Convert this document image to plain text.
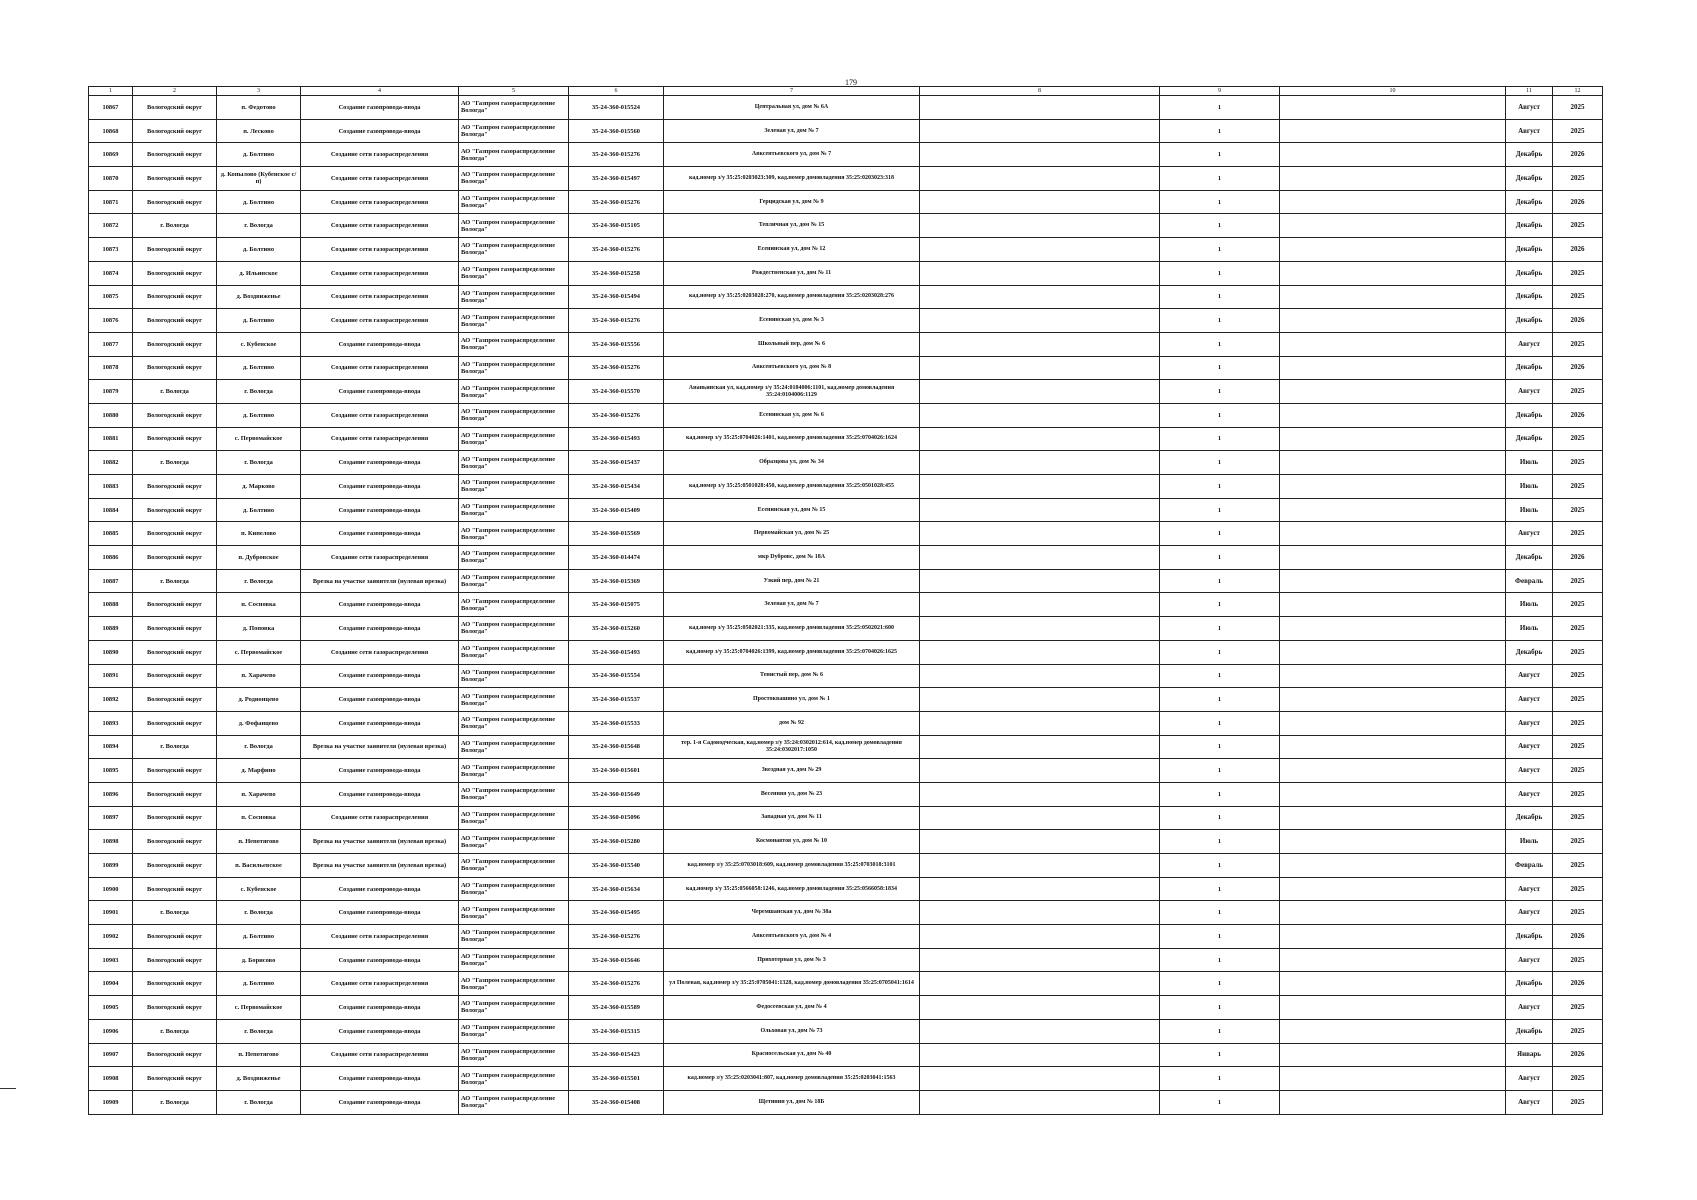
179
1	2	3	4	5	6	7	8	9	10	11	12
10867	Вологодский округ	п. Федотово	Создание газопровода-ввода	АО "Газпром газораспределение Вологда"	35-24-360-015524	Центральная ул, дом № 6А		1		Август	2025
10868	Вологодский округ	п. Лесково	Создание газопровода-ввода	АО "Газпром газораспределение Вологда"	35-24-360-015560	Зеленая ул, дом № 7		1		Август	2025
10869	Вологодский округ	д. Болтино	Создание сети газораспределения	АО "Газпром газораспределение Вологда"	35-24-360-015276	Авксентьевского ул, дом № 7		1		Декабрь	2026
10870	Вологодский округ	д. Копылово (Кубенское с/п)	Создание сети газораспределения	АО "Газпром газораспределение Вологда"	35-24-360-015497	кад.номер з/у 35:25:0203023:309, кад.номер домовладения 35:25:0203023:318		1		Декабрь	2025
10871	Вологодский округ	д. Болтино	Создание сети газораспределения	АО "Газпром газораспределение Вологда"	35-24-360-015276	Герцидская ул, дом № 9		1		Декабрь	2026
10872	г. Вологда	г. Вологда	Создание сети газораспределения	АО "Газпром газораспределение Вологда"	35-24-360-015105	Тепличная ул, дом № 15		1		Декабрь	2025
10873	Вологодский округ	д. Болтино	Создание сети газораспределения	АО "Газпром газораспределение Вологда"	35-24-360-015276	Есенинская ул, дом № 12		1		Декабрь	2026
10874	Вологодский округ	д. Ильинское	Создание сети газораспределения	АО "Газпром газораспределение Вологда"	35-24-360-015258	Рождественская ул, дом № 11		1		Декабрь	2025
10875	Вологодский округ	д. Воздвиженье	Создание сети газораспределения	АО "Газпром газораспределение Вологда"	35-24-360-015494	кад.номер з/у 35:25:0203028:270, кад.номер домовладения 35:25:0203028:276		1		Декабрь	2025
10876	Вологодский округ	д. Болтино	Создание сети газораспределения	АО "Газпром газораспределение Вологда"	35-24-360-015276	Есенинская ул, дом № 3		1		Декабрь	2026
10877	Вологодский округ	с. Кубенское	Создание газопровода-ввода	АО "Газпром газораспределение Вологда"	35-24-360-015556	Школьный пер, дом № 6		1		Август	2025
10878	Вологодский округ	д. Болтино	Создание сети газораспределения	АО "Газпром газораспределение Вологда"	35-24-360-015276	Авксентьевского ул, дом № 8		1		Декабрь	2026
10879	г. Вологда	г. Вологда	Создание газопровода-ввода	АО "Газпром газораспределение Вологда"	35-24-360-015570	Ананьинская ул, кад.номер з/у 35:24:0104006:1101, кад.номер домовладения 35:24:0104006:1129		1		Август	2025
10880	Вологодский округ	д. Болтино	Создание сети газораспределения	АО "Газпром газораспределение Вологда"	35-24-360-015276	Есенинская ул, дом № 6		1		Декабрь	2026
10881	Вологодский округ	с. Первомайское	Создание сети газораспределения	АО "Газпром газораспределение Вологда"	35-24-360-015493	кад.номер з/у 35:25:0704026:1401, кад.номер домовладения 35:25:0704026:1624		1		Декабрь	2025
10882	г. Вологда	г. Вологда	Создание газопровода-ввода	АО "Газпром газораспределение Вологда"	35-24-360-015437	Образцова ул, дом № 34		1		Июль	2025
10883	Вологодский округ	д. Марково	Создание газопровода-ввода	АО "Газпром газораспределение Вологда"	35-24-360-015434	кад.номер з/у 35:25:0501028:450, кад.номер домовладения 35:25:0501028:455		1		Июль	2025
10884	Вологодский округ	д. Болтино	Создание газопровода-ввода	АО "Газпром газораспределение Вологда"	35-24-360-015409	Есенинская ул, дом № 15		1		Июль	2025
10885	Вологодский округ	п. Кипелово	Создание газопровода-ввода	АО "Газпром газораспределение Вологда"	35-24-360-015569	Первомайская ул, дом № 25		1		Август	2025
10886	Вологодский округ	п. Дубровское	Создание сети газораспределения	АО "Газпром газораспределение Вологда"	35-24-360-014474	мкр Dубровс, дом № 18А		1		Декабрь	2026
10887	г. Вологда	г. Вологда	Врезка на участке заявителя (нулевая врезка)	АО "Газпром газораспределение Вологда"	35-24-360-015369	Узкий пер, дом № 21		1		Февраль	2025
10888	Вологодский округ	п. Сосновка	Создание газопровода-ввода	АО "Газпром газораспределение Вологда"	35-24-360-015075	Зеленая ул, дом № 7		1		Июль	2025
10889	Вологодский округ	д. Поповка	Создание газопровода-ввода	АО "Газпром газораспределение Вологда"	35-24-360-015260	кад.номер з/у 35:25:0502021:335, кад.номер домовладения 35:25:0502021:600		1		Июль	2025
10890	Вологодский округ	с. Первомайское	Создание сети газораспределения	АО "Газпром газораспределение Вологда"	35-24-360-015493	кад.номер з/у 35:25:0704026:1399, кад.номер домовладения 35:25:0704026:1625		1		Декабрь	2025
10891	Вологодский округ	п. Харачево	Создание газопровода-ввода	АО "Газпром газораспределение Вологда"	35-24-360-015554	Тенистый пер, дом № 6		1		Август	2025
10892	Вологодский округ	д. Родионцево	Создание газопровода-ввода	АО "Газпром газораспределение Вологда"	35-24-360-015537	Простоквашино ул, дом № 1		1		Август	2025
10893	Вологодский округ	д. Фофанцево	Создание газопровода-ввода	АО "Газпром газораспределение Вологда"	35-24-360-015533	дом № 92		1		Август	2025
10894	г. Вологда	г. Вологда	Врезка на участке заявителя (нулевая врезка)	АО "Газпром газораспределение Вологда"	35-24-360-015648	тер. 1-я Садоводческая, кад.номер з/у 35:24:0302012:614, кад.номер домовладения 35:24:0302017:1050		1		Август	2025
10895	Вологодский округ	д. Марфино	Создание газопровода-ввода	АО "Газпром газораспределение Вологда"	35-24-360-015601	Звездная ул, дом № 29		1		Август	2025
10896	Вологодский округ	п. Харачево	Создание газопровода-ввода	АО "Газпром газораспределение Вологда"	35-24-360-015649	Весенняя ул, дом № 23		1		Август	2025
10897	Вологодский округ	п. Сосновка	Создание сети газораспределения	АО "Газпром газораспределение Вологда"	35-24-360-015096	Западная ул, дом № 11		1		Декабрь	2025
10898	Вологодский округ	п. Непотягово	Врезка на участке заявителя (нулевая врезка)	АО "Газпром газораспределение Вологда"	35-24-360-015280	Космонавтов ул, дом № 10		1		Июль	2025
10899	Вологодский округ	п. Васильевское	Врезка на участке заявителя (нулевая врезка)	АО "Газпром газораспределение Вологда"	35-24-360-015540	кад.номер з/у 35:25:0703018:609, кад.номер домовладения 35:25:0703018:3101		1		Февраль	2025
10900	Вологодский округ	с. Кубенское	Создание газопровода-ввода	АО "Газпром газораспределение Вологда"	35-24-360-015634	кад.номер з/у 35:25:0566058:1246, кад.номер домовладения 35:25:0566058:1834		1		Август	2025
10901	г. Вологда	г. Вологда	Создание газопровода-ввода	АО "Газпром газораспределение Вологда"	35-24-360-015495	Черемшанская ул, дом № 38а		1		Август	2025
10902	Вологодский округ	д. Болтино	Создание сети газораспределения	АО "Газпром газораспределение Вологда"	35-24-360-015276	Авксентьевского ул, дом № 4		1		Декабрь	2026
10903	Вологодский округ	д. Борисово	Создание газопровода-ввода	АО "Газпром газораспределение Вологда"	35-24-360-015646	Прихотерная ул, дом № 3		1		Август	2025
10904	Вологодский округ	д. Болтино	Создание сети газораспределения	АО "Газпром газораспределение Вологда"	35-24-360-015276	ул Полевая, кад.номер з/у 35:25:0705041:1328, кад.номер домовладения 35:25:0705041:1614		1		Декабрь	2026
10905	Вологодский округ	с. Первомайское	Создание газопровода-ввода	АО "Газпром газораспределение Вологда"	35-24-360-015589	Федосеевская ул, дом № 4		1		Август	2025
10906	г. Вологда	г. Вологда	Создание газопровода-ввода	АО "Газпром газораспределение Вологда"	35-24-360-015315	Ольховая ул, дом № 73		1		Декабрь	2025
10907	Вологодский округ	п. Непотягово	Создание сети газораспределения	АО "Газпром газораспределение Вологда"	35-24-360-015423	Красносельская ул, дом № 40		1		Январь	2026
10908	Вологодский округ	д. Воздвиженье	Создание газопровода-ввода	АО "Газпром газораспределение Вологда"	35-24-360-015501	кад.номер з/у 35:25:0203041:807, кад.номер домовладения 35:25:0203041:1563		1		Август	2025
10909	г. Вологда	г. Вологда	Создание газопровода-ввода	АО "Газпром газораспределение Вологда"	35-24-360-015408	Щетинин ул, дом № 18Б		1		Август	2025
